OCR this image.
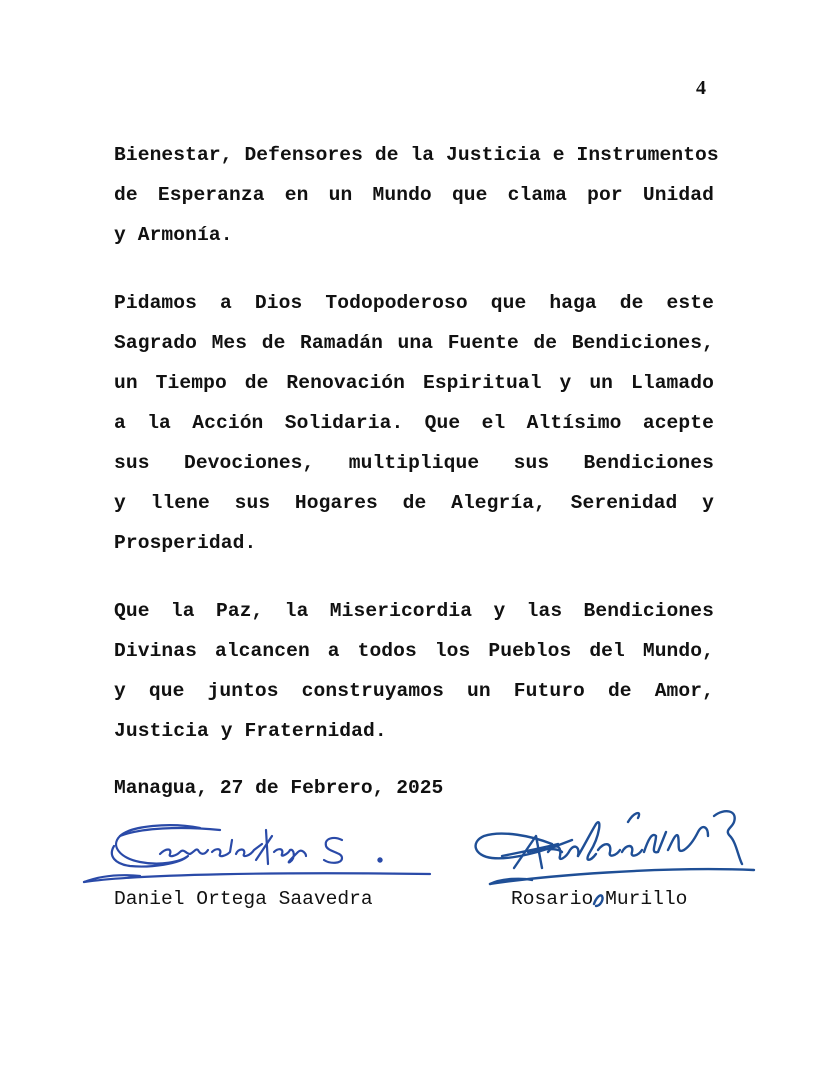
4

Bienestar, Defensores de la Justicia e Instrumentos
de Esperanza en un Mundo que clama por Unidad
y Armonía.

Pidamos a Dios Todopoderoso que haga de este
Sagrado Mes de Ramadán una Fuente de Bendiciones,
un Tiempo de Renovación Espiritual y un Llamado
a la Acción Solidaria. Que el Altísimo acepte
sus Devociones, multiplique sus Bendiciones
y llene sus Hogares de Alegría, Serenidad y
Prosperidad.

Que la Paz, la Misericordia y las Bendiciones
Divinas alcancen a todos los Pueblos del Mundo,
y que juntos construyamos un Futuro de Amor,
Justicia y Fraternidad.

Managua, 27 de Febrero, 2025
Daniel Ortega Saavedra	Rosario Murillo
